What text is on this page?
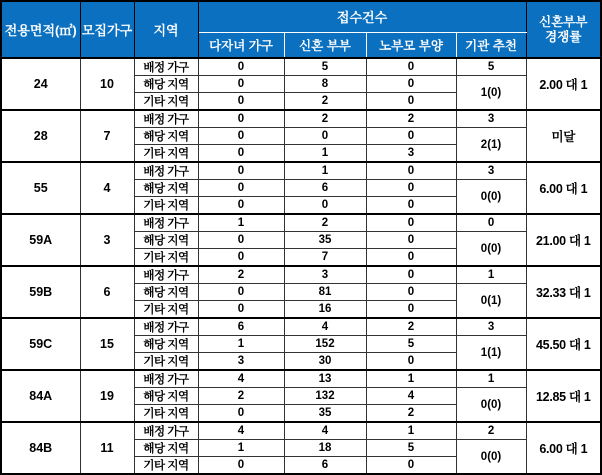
전용면적(㎡)	모집가구	지역	접수건수				신혼부부
경쟁률

			다자녀 가구	신혼 부부	노부모 부양	기관 추천	
24	10	배정 가구	0	5	0	5	2.00 대 1
		해당 지역	0	8	0	1(0)	
		기타 지역	0	2	0		
28	7	배정 가구	0	2	2	3	미달
		해당 지역	0	0	0	2(1)	
		기타 지역	0	1	3		
55	4	배정 가구	0	1	0	3	6.00 대 1
		해당 지역	0	6	0	0(0)	
		기타 지역	0	0	0		
59A	3	배정 가구	1	2	0	0	21.00 대 1
		해당 지역	0	35	0	0(0)	
		기타 지역	0	7	0		
59B	6	배정 가구	2	3	0	1	32.33 대 1
		해당 지역	0	81	0	0(1)	
		기타 지역	0	16	0		
59C	15	배정 가구	6	4	2	3	45.50 대 1
		해당 지역	1	152	5	1(1)	
		기타 지역	3	30	0		
84A	19	배정 가구	4	13	1	1	12.85 대 1
		해당 지역	2	132	4	0(0)	
		기타 지역	0	35	2		
84B	11	배정 가구	4	4	1	2	6.00 대 1
		해당 지역	1	18	5	0(0)	
		기타 지역	0	6	0		
